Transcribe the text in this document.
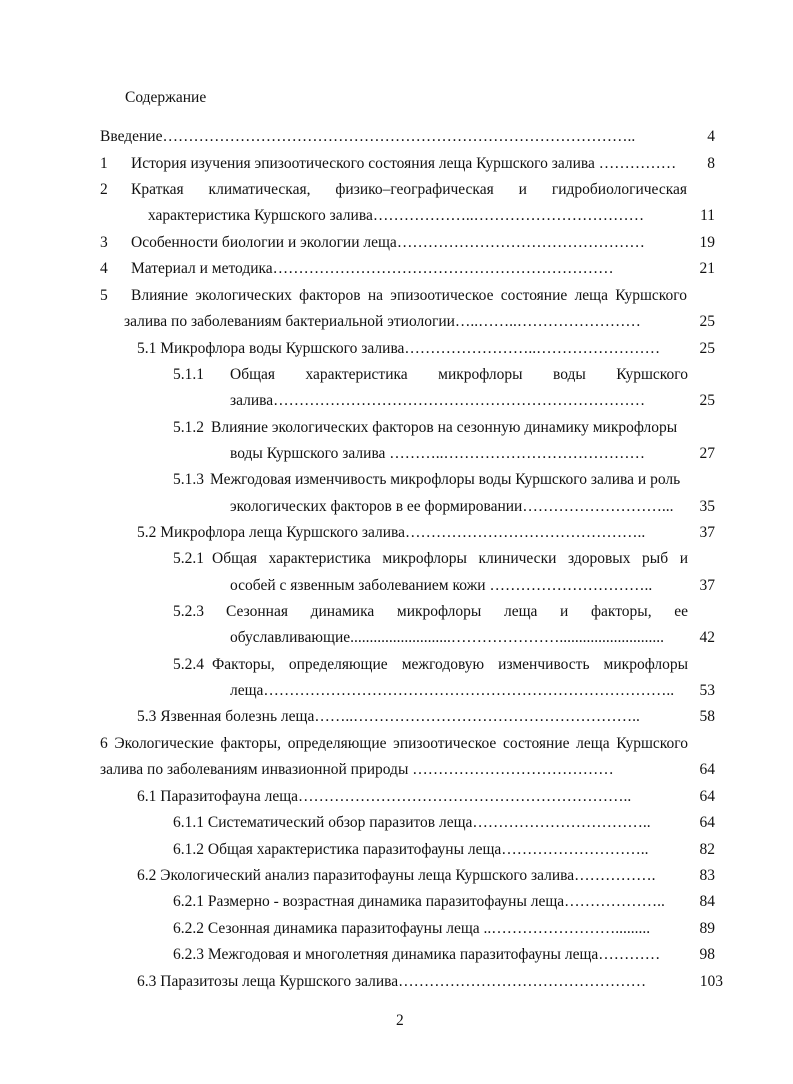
Содержание
Введение………………………………………………………………………………..	4
1 История изучения эпизоотического состояния леща Куршского залива ……………	8
2 Краткая климатическая, физико–географическая и гидробиологическая
характеристика Куршского залива………………..……………………………	11
3 Особенности биологии и экологии леща…………………………………………	19
4 Материал и методика…………………………………………………………	21
5 Влияние экологических факторов на эпизоотическое состояние леща Куршского
залива по заболеваниям бактериальной этиологии…..……..……………………	25
5.1 Микрофлора воды Куршского залива……………………..……………………	25
5.1.1 Общая характеристика микрофлоры воды Куршского
залива………………………………………………………………	25
5.1.2 Влияние экологических факторов на сезонную динамику микрофлоры
воды Куршского залива ………..…………………………………	27
5.1.3 Межгодовая изменчивость микрофлоры воды Куршского залива и роль
экологических факторов в ее формировании………………………...	35
5.2 Микрофлора леща Куршского залива………………………………………..	37
5.2.1 Общая характеристика микрофлоры клинически здоровых рыб и
особей с язвенным заболеванием кожи …………………………..	37
5.2.3 Сезонная динамика микрофлоры леща и факторы, ее
обуславливающие..........................…………………...........................	42
5.2.4 Факторы, определяющие межгодовую изменчивость микрофлоры
леща……………………………………………………………………..	53
5.3 Язвенная болезнь леща……..………………………………………………..	58
6 Экологические факторы, определяющие эпизоотическое состояние леща Куршского
залива по заболеваниям инвазионной природы …………………………………	64
6.1 Паразитофауна леща………………………………………………………..	64
6.1.1 Систематический обзор паразитов леща……………………………..	64
6.1.2 Общая характеристика паразитофауны леща………………………..	82
6.2 Экологический анализ паразитофауны леща Куршского залива…………….	83
6.2.1 Размерно - возрастная динамика паразитофауны леща………………..	84
6.2.2 Сезонная динамика паразитофауны леща ..…………………….........	89
6.2.3 Межгодовая и многолетняя динамика паразитофауны леща…………	98
6.3 Паразитозы леща Куршского залива…………………………………………	103
2
